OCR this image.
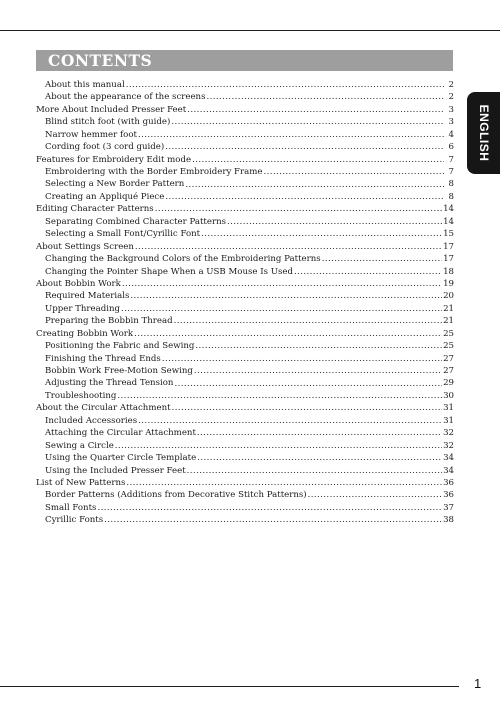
CONTENTS
ENGLISH
About this manual .....	2
About the appearance of the screens .....	2
More About Included Presser Feet .....	3
Blind stitch foot (with guide) .....	3
Narrow hemmer foot .....	4
Cording foot (3 cord guide) .....	6
Features for Embroidery Edit mode .....	7
Embroidering with the Border Embroidery Frame .....	7
Selecting a New Border Pattern .....	8
Creating an Appliqué Piece .....	8
Editing Character Patterns .....	14
Separating Combined Character Patterns .....	14
Selecting a Small Font/Cyrillic Font .....	15
About Settings Screen .....	17
Changing the Background Colors of the Embroidering Patterns .....	17
Changing the Pointer Shape When a USB Mouse Is Used .....	18
About Bobbin Work .....	19
Required Materials .....	20
Upper Threading .....	21
Preparing the Bobbin Thread .....	21
Creating Bobbin Work .....	25
Positioning the Fabric and Sewing .....	25
Finishing the Thread Ends .....	27
Bobbin Work Free-Motion Sewing .....	27
Adjusting the Thread Tension .....	29
Troubleshooting .....	30
About the Circular Attachment .....	31
Included Accessories .....	31
Attaching the Circular Attachment .....	32
Sewing a Circle .....	32
Using the Quarter Circle Template .....	34
Using the Included Presser Feet .....	34
List of New Patterns .....	36
Border Patterns (Additions from Decorative Stitch Patterns) .....	36
Small Fonts .....	37
Cyrillic Fonts .....	38
1
